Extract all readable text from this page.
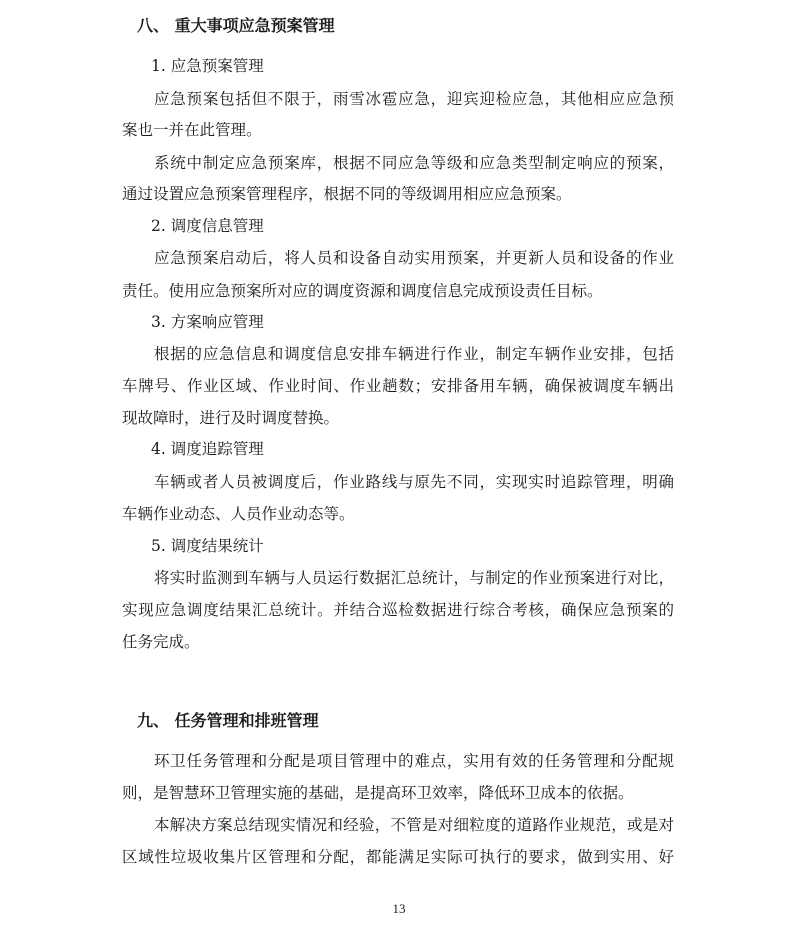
八、 重大事项应急预案管理
1. 应急预案管理
应急预案包括但不限于，雨雪冰雹应急，迎宾迎检应急，其他相应应急预
案也一并在此管理。
系统中制定应急预案库，根据不同应急等级和应急类型制定响应的预案，
通过设置应急预案管理程序，根据不同的等级调用相应应急预案。
2. 调度信息管理
应急预案启动后，将人员和设备自动实用预案，并更新人员和设备的作业
责任。使用应急预案所对应的调度资源和调度信息完成预设责任目标。
3. 方案响应管理
根据的应急信息和调度信息安排车辆进行作业，制定车辆作业安排，包括
车牌号、作业区域、作业时间、作业趟数；安排备用车辆，确保被调度车辆出
现故障时，进行及时调度替换。
4. 调度追踪管理
车辆或者人员被调度后，作业路线与原先不同，实现实时追踪管理，明确
车辆作业动态、人员作业动态等。
5. 调度结果统计
将实时监测到车辆与人员运行数据汇总统计，与制定的作业预案进行对比，
实现应急调度结果汇总统计。并结合巡检数据进行综合考核，确保应急预案的
任务完成。
九、 任务管理和排班管理
环卫任务管理和分配是项目管理中的难点，实用有效的任务管理和分配规
则，是智慧环卫管理实施的基础，是提高环卫效率，降低环卫成本的依据。
本解决方案总结现实情况和经验，不管是对细粒度的道路作业规范，或是对
区域性垃圾收集片区管理和分配，都能满足实际可执行的要求，做到实用、好
13
